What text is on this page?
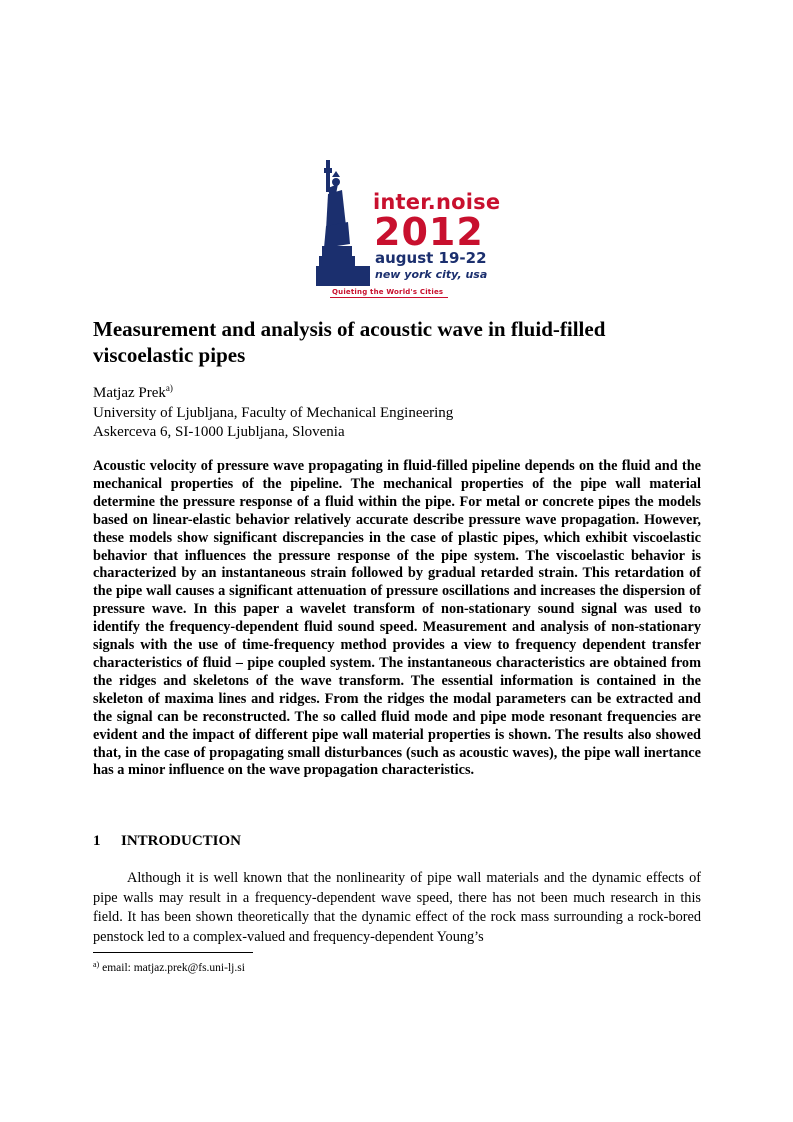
inter.noise
2012
august 19-22
new york city, usa
Quieting the World's Cities
Measurement and analysis of acoustic wave in fluid-filled viscoelastic pipes
Matjaz Prek$^{a)}$
University of Ljubljana, Faculty of Mechanical Engineering
Askerceva 6, SI-1000 Ljubljana, Slovenia

Acoustic velocity of pressure wave propagating in fluid-filled pipeline depends on the fluid and the mechanical properties of the pipeline. The mechanical properties of the pipe wall material determine the pressure response of a fluid within the pipe. For metal or concrete pipes the models based on linear-elastic behavior relatively accurate describe pressure wave propagation. However, these models show significant discrepancies in the case of plastic pipes, which exhibit viscoelastic behavior that influences the pressure response of the pipe system. The viscoelastic behavior is characterized by an instantaneous strain followed by gradual retarded strain. This retardation of the pipe wall causes a significant attenuation of pressure oscillations and increases the dispersion of pressure wave. In this paper a wavelet transform of non-stationary sound signal was used to identify the frequency-dependent fluid sound speed. Measurement and analysis of non-stationary signals with the use of time-frequency method provides a view to frequency dependent transfer characteristics of fluid – pipe coupled system. The instantaneous characteristics are obtained from the ridges and skeletons of the wave transform. The essential information is contained in the skeleton of maxima lines and ridges. From the ridges the modal parameters can be extracted and the signal can be reconstructed. The so called fluid mode and pipe mode resonant frequencies are evident and the impact of different pipe wall material properties is shown. The results also showed that, in the case of propagating small disturbances (such as acoustic waves), the pipe wall inertance has a minor influence on the wave propagation characteristics.

1 INTRODUCTION

Although it is well known that the nonlinearity of pipe wall materials and the dynamic effects of pipe walls may result in a frequency-dependent wave speed, there has not been much research in this field. It has been shown theoretically that the dynamic effect of the rock mass surrounding a rock-bored penstock led to a complex-valued and frequency-dependent Young’s

$^{a)}$ email: matjaz.prek@fs.uni-lj.si
